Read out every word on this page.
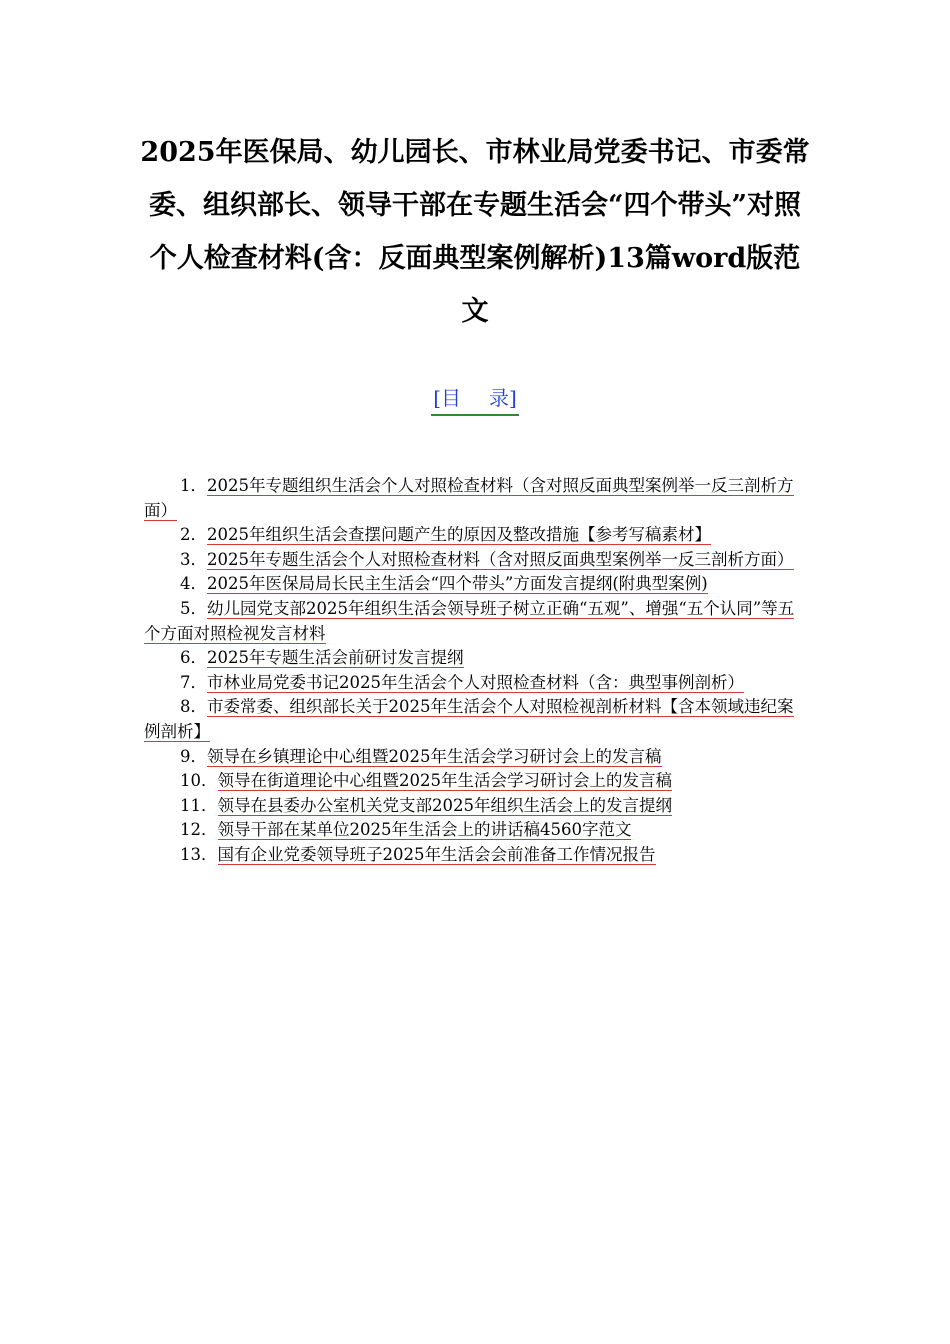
2025年医保局、幼儿园长、市林业局党委书记、市委常委、组织部长、领导干部在专题生活会“四个带头”对照个人检查材料(含：反面典型案例解析)13篇word版范文
[目 录]
1．2025年专题组织生活会个人对照检查材料（含对照反面典型案例举一反三剖析方面）
2．2025年组织生活会查摆问题产生的原因及整改措施【参考写稿素材】
3．2025年专题生活会个人对照检查材料（含对照反面典型案例举一反三剖析方面）
4．2025年医保局局长民主生活会“四个带头”方面发言提纲(附典型案例)
5．幼儿园党支部2025年组织生活会领导班子树立正确“五观”、增强“五个认同”等五个方面对照检视发言材料
6．2025年专题生活会前研讨发言提纲
7．市林业局党委书记2025年生活会个人对照检查材料（含：典型事例剖析）
8．市委常委、组织部长关于2025年生活会个人对照检视剖析材料【含本领域违纪案例剖析】
9．领导在乡镇理论中心组暨2025年生活会学习研讨会上的发言稿
10．领导在街道理论中心组暨2025年生活会学习研讨会上的发言稿
11．领导在县委办公室机关党支部2025年组织生活会上的发言提纲
12．领导干部在某单位2025年生活会上的讲话稿4560字范文
13．国有企业党委领导班子2025年生活会会前准备工作情况报告
